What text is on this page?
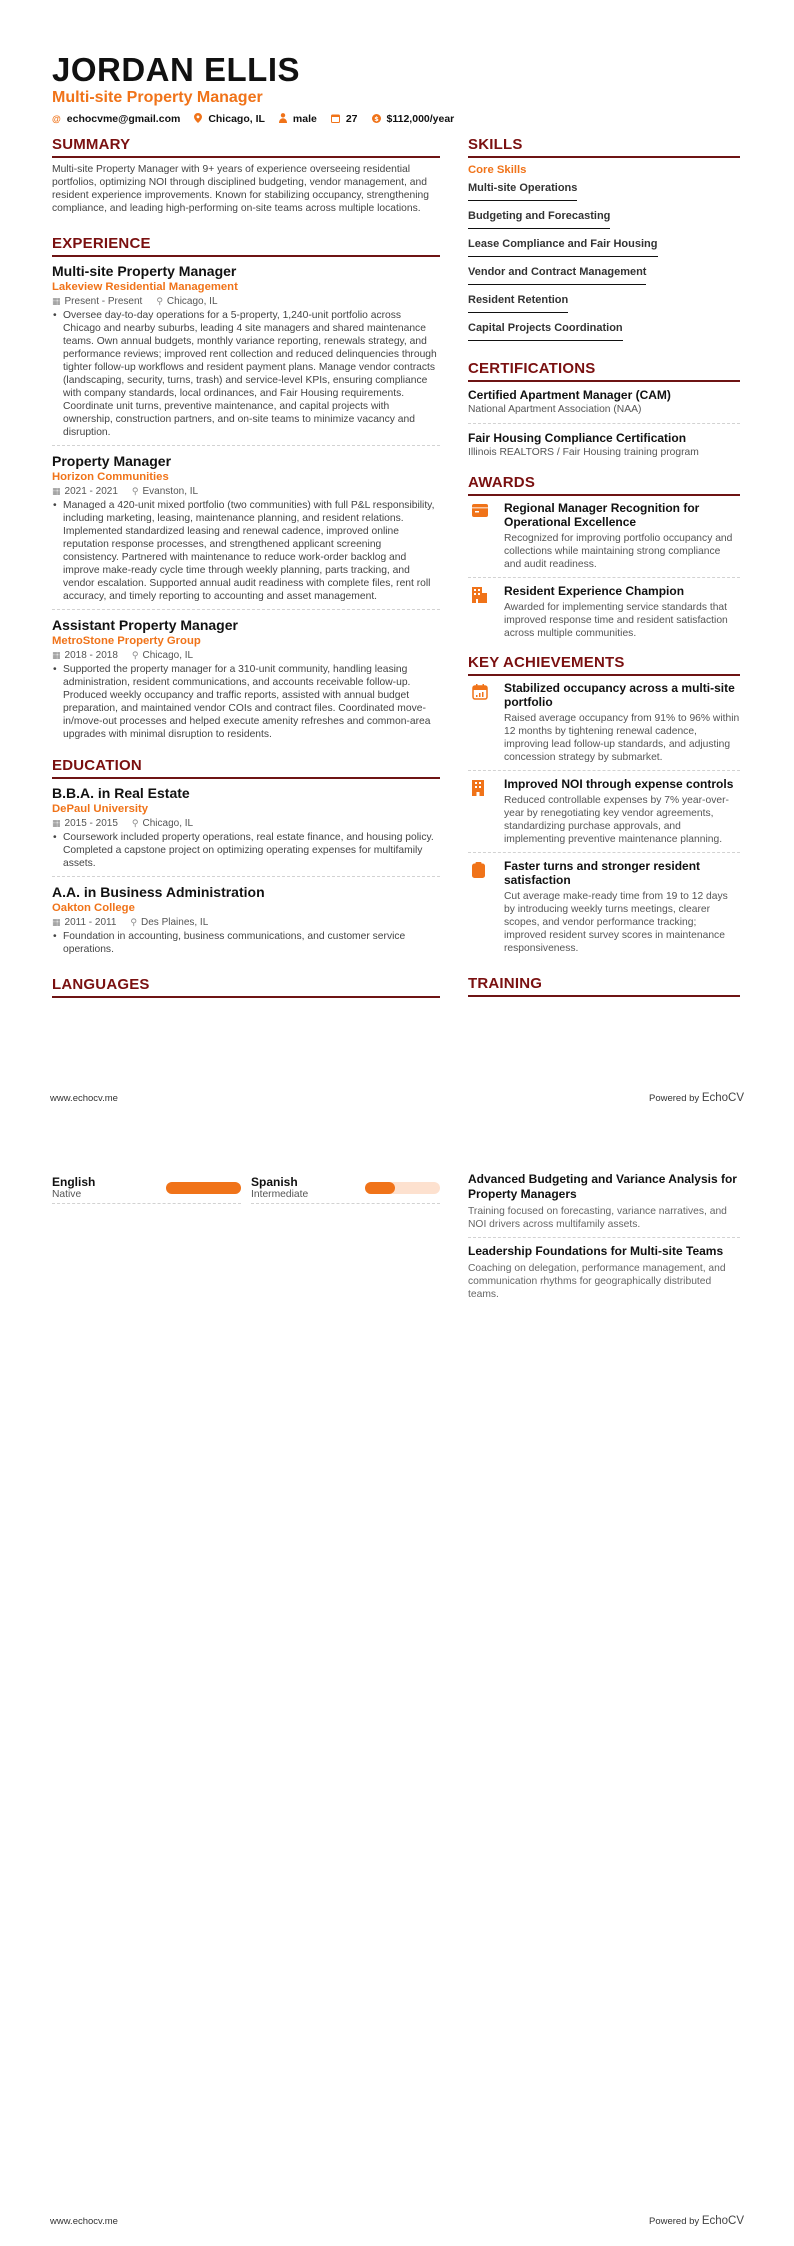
JORDAN ELLIS
Multi-site Property Manager
@ echocvme@gmail.com	Chicago, IL	male	27 $ $112,000/year
SUMMARY
Multi-site Property Manager with 9+ years of experience overseeing residential portfolios, optimizing NOI through disciplined budgeting, vendor management, and resident experience improvements. Known for stabilizing occupancy, strengthening compliance, and leading high-performing on-site teams across multiple locations.
EXPERIENCE
Multi-site Property Manager
Lakeview Residential Management
▦ Present - Present ⚲ Chicago, IL
• Oversee day-to-day operations for a 5-property, 1,240-unit portfolio across Chicago and nearby suburbs, leading 4 site managers and shared maintenance teams. Own annual budgets, monthly variance reporting, renewals strategy, and performance reviews; improved rent collection and reduced delinquencies through tighter follow-up workflows and resident payment plans. Manage vendor contracts (landscaping, security, turns, trash) and service-level KPIs, ensuring compliance with company standards, local ordinances, and Fair Housing requirements. Coordinate unit turns, preventive maintenance, and capital projects with ownership, construction partners, and on-site teams to minimize vacancy and disruption.
Property Manager
Horizon Communities
▦ 2021 - 2021 ⚲ Evanston, IL
• Managed a 420-unit mixed portfolio (two communities) with full P&L responsibility, including marketing, leasing, maintenance planning, and resident relations. Implemented standardized leasing and renewal cadence, improved online reputation response processes, and strengthened applicant screening consistency. Partnered with maintenance to reduce work-order backlog and improve make-ready cycle time through weekly planning, parts tracking, and vendor escalation. Supported annual audit readiness with complete files, rent roll accuracy, and timely reporting to accounting and asset management.
Assistant Property Manager
MetroStone Property Group
▦ 2018 - 2018 ⚲ Chicago, IL
• Supported the property manager for a 310-unit community, handling leasing administration, resident communications, and accounts receivable follow-up. Produced weekly occupancy and traffic reports, assisted with annual budget preparation, and maintained vendor COIs and contract files. Coordinated move-in/move-out processes and helped execute amenity refreshes and common-area upgrades with minimal disruption to residents.
EDUCATION
B.B.A. in Real Estate
DePaul University
▦ 2015 - 2015 ⚲ Chicago, IL
• Coursework included property operations, real estate finance, and housing policy. Completed a capstone project on optimizing operating expenses for multifamily assets.
A.A. in Business Administration
Oakton College
▦ 2011 - 2011 ⚲ Des Plaines, IL
• Foundation in accounting, business communications, and customer service operations.
LANGUAGES
SKILLS
Core Skills
Multi-site Operations
Budgeting and Forecasting
Lease Compliance and Fair Housing
Vendor and Contract Management
Resident Retention
Capital Projects Coordination
CERTIFICATIONS
Certified Apartment Manager (CAM)
National Apartment Association (NAA)
Fair Housing Compliance Certification
Illinois REALTORS / Fair Housing training program
AWARDS
Regional Manager Recognition for Operational Excellence
Recognized for improving portfolio occupancy and collections while maintaining strong compliance and audit readiness.
Resident Experience Champion
Awarded for implementing service standards that improved response time and resident satisfaction across multiple communities.
KEY ACHIEVEMENTS
Stabilized occupancy across a multi-site portfolio
Raised average occupancy from 91% to 96% within 12 months by tightening renewal cadence, improving lead follow-up standards, and adjusting concession strategy by submarket.
Improved NOI through expense controls
Reduced controllable expenses by 7% year-over-year by renegotiating key vendor agreements, standardizing purchase approvals, and implementing preventive maintenance planning.
Faster turns and stronger resident satisfaction
Cut average make-ready time from 19 to 12 days by introducing weekly turns meetings, clearer scopes, and vendor performance tracking; improved resident survey scores in maintenance responsiveness.
TRAINING
www.echocv.me	Powered by EchoCV
English
Native
Spanish
Intermediate
Advanced Budgeting and Variance Analysis for Property Managers
Training focused on forecasting, variance narratives, and NOI drivers across multifamily assets.
Leadership Foundations for Multi-site Teams
Coaching on delegation, performance management, and communication rhythms for geographically distributed teams.
www.echocv.me	Powered by EchoCV
